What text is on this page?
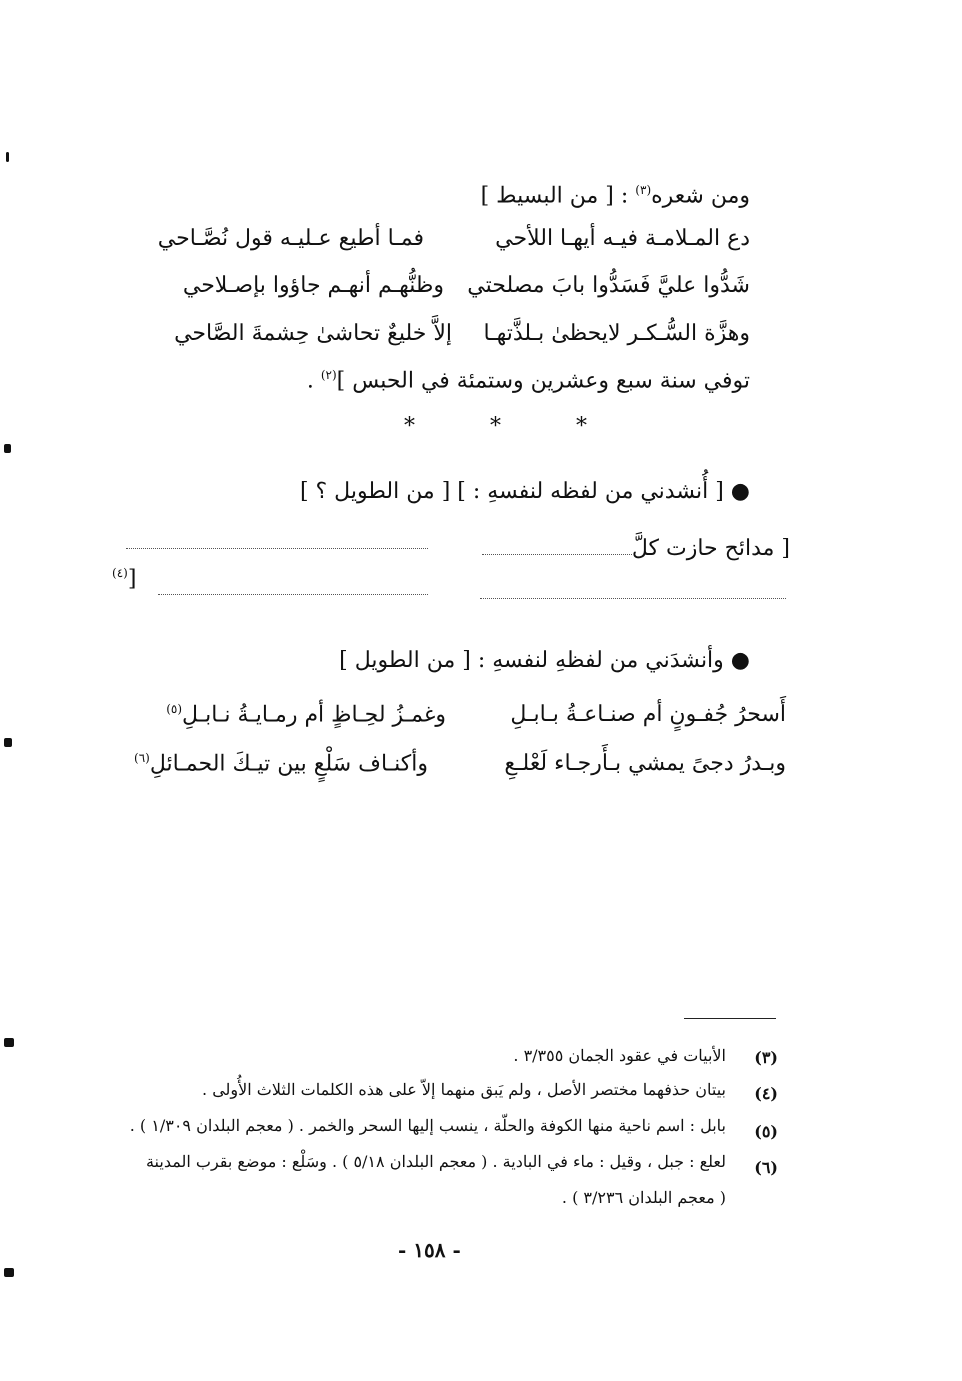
ومن شعره$^{(٣)}$ : [ من البسيط ]
دع المـلامـة فيـه أيهـا اللأحي
فمـا أطيع عـليـه قول نُصَّـاحي
شَدُّوا عليَّ فَسَدُّوا بابَ مصلحتي
وظنُّهـم أنهـم جاؤوا بإصـلاحي
وهزَّة السُّـكـر لايحظىٰ بـلذَّتهـا
إلاَّ خليعٌ تحاشىٰ حِشمةَ الصَّاحي
توفي سنة سبع وعشرين وستمئة في الحبس ]$^{(٢)}$ .
* * *
● [ أُنشدني من لفظه لنفسهِ : ] [ من الطويل ؟ ]
[ مدائح حازت كلَّ
$^{(٤)}$]
● وأنشدَني من لفظهِ لنفسهِ : [ من الطويل ]
أَسحرُ جُفـونٍ أم صنـاعـةُ بـابـلِ
وغمـزُ لحِـاظٍ أم رمـايـةُ نـابـلِ$^{(٥)}$
وبـدرُ دجىً يمشي بـأَرجـاء لَعْلـعِ
وأكنـاف سَلْعٍ بين تيـكَ الحمـائلِ$^{(٦)}$
(٣)
الأبيات في عقود الجمان ٣/٣٥٥ .
(٤)
بيتان حذفهما مختصر الأصل ، ولم يَبق منهما إلاّ على هذه الكلمات الثلاث الأُولى .
(٥)
بابل : اسم ناحية منها الكوفة والحلّة ، ينسب إليها السحر والخمر . ( معجم البلدان ١/٣٠٩ ) .
(٦)
لعلع : جبل ، وقيل : ماء في البادية . ( معجم البلدان ٥/١٨ ) . وسَلْع : موضع بقرب المدينة
( معجم البلدان ٣/٢٣٦ ) .
- ١٥٨ -
